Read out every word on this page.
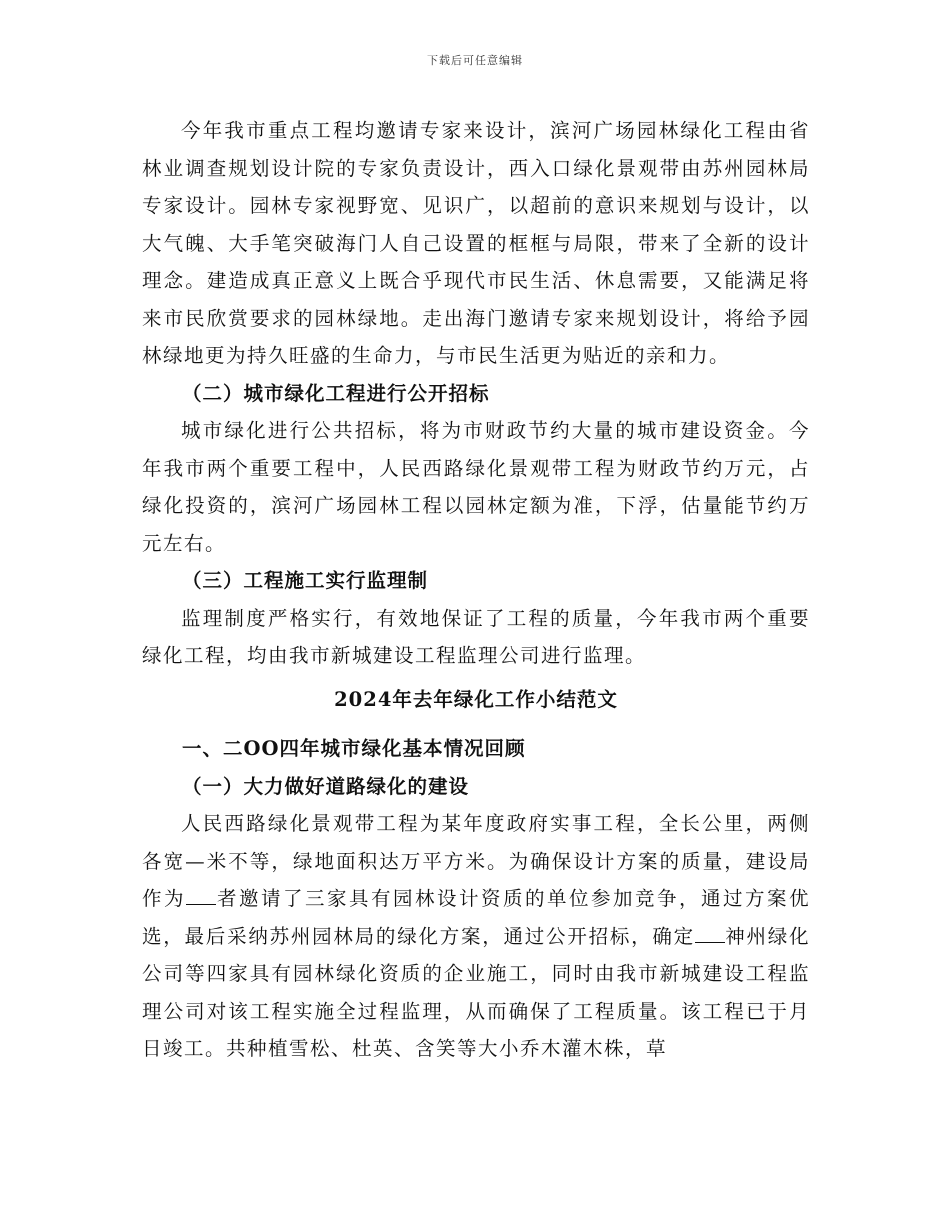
下载后可任意编辑

今年我市重点工程均邀请专家来设计，滨河广场园林绿化工程由省林业调查规划设计院的专家负责设计，西入口绿化景观带由苏州园林局专家设计。园林专家视野宽、见识广，以超前的意识来规划与设计，以大气魄、大手笔突破海门人自己设置的框框与局限，带来了全新的设计理念。建造成真正意义上既合乎现代市民生活、休息需要，又能满足将来市民欣赏要求的园林绿地。走出海门邀请专家来规划设计，将给予园林绿地更为持久旺盛的生命力，与市民生活更为贴近的亲和力。

（二）城市绿化工程进行公开招标

城市绿化进行公共招标，将为市财政节约大量的城市建设资金。今年我市两个重要工程中，人民西路绿化景观带工程为财政节约万元，占绿化投资的，滨河广场园林工程以园林定额为准，下浮，估量能节约万元左右。

（三）工程施工实行监理制

监理制度严格实行，有效地保证了工程的质量，今年我市两个重要绿化工程，均由我市新城建设工程监理公司进行监理。

2024年去年绿化工作小结范文

一、二OO四年城市绿化基本情况回顾

（一）大力做好道路绿化的建设

人民西路绿化景观带工程为某年度政府实事工程，全长公里，两侧各宽—米不等，绿地面积达万平方米。为确保设计方案的质量，建设局作为 者邀请了三家具有园林设计资质的单位参加竞争，通过方案优选，最后采纳苏州园林局的绿化方案，通过公开招标，确定 神州绿化公司等四家具有园林绿化资质的企业施工，同时由我市新城建设工程监理公司对该工程实施全过程监理，从而确保了工程质量。该工程已于月日竣工。共种植雪松、杜英、含笑等大小乔木灌木株，草
